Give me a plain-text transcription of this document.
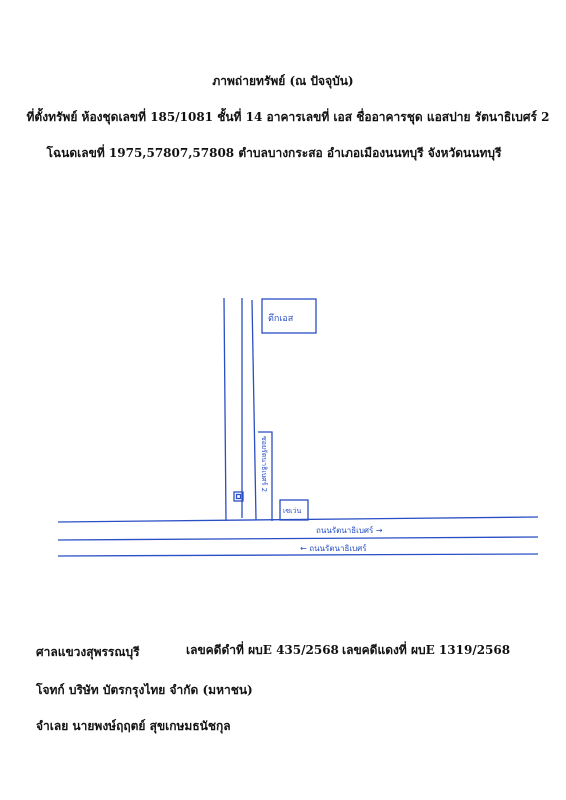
ภาพถ่ายทรัพย์ (ณ ปัจจุบัน)
ที่ตั้งทรัพย์ ห้องชุดเลขที่ 185/1081 ชั้นที่ 14 อาคารเลขที่ เอส ชื่ออาคารชุด แอสปาย รัตนาธิเบศร์ 2
โฉนดเลขที่ 1975,57807,57808 ตำบลบางกระสอ อำเภอเมืองนนทบุรี จังหวัดนนทบุรี
ตึกเอส
ซอยรัตนาธิเบศร์ 2
เซเว่น
ถนนรัตนาธิเบศร์ →
← ถนนรัตนาธิเบศร์
ศาลแขวงสุพรรณบุรี	เลขคดีดำที่ ผบE 435/2568 เลขคดีแดงที่ ผบE 1319/2568
โจทก์ บริษัท บัตรกรุงไทย จำกัด (มหาชน)
จำเลย นายพงษ์ฤฤตย์ สุขเกษมธนัชกุล
